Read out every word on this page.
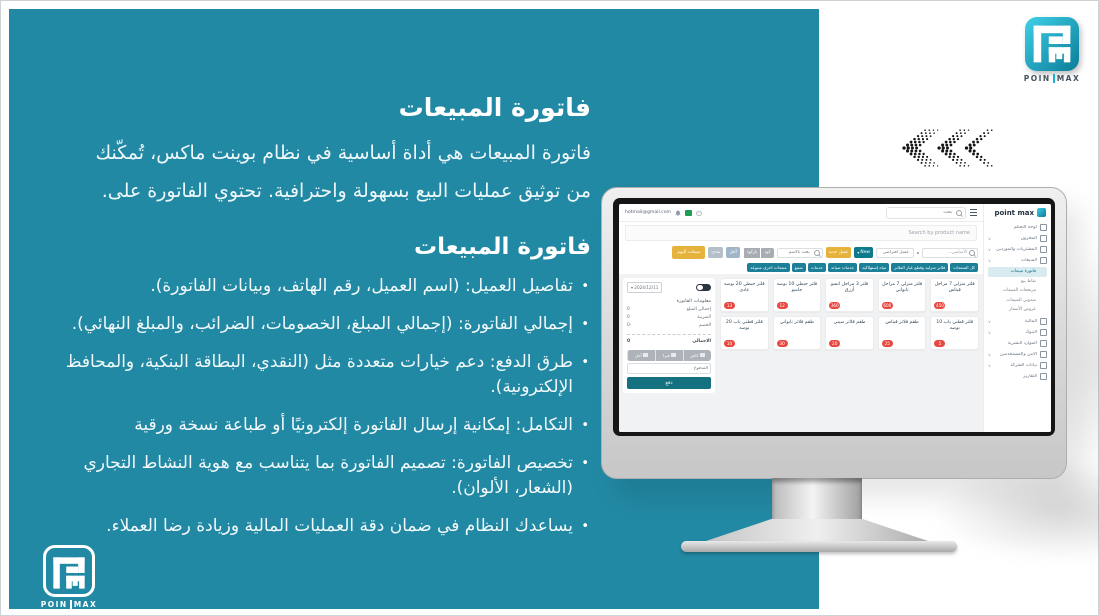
فاتورة المبيعات
فاتورة المبيعات هي أداة أساسية في نظام بوينت ماكس، تُمكّنك
من توثيق عمليات البيع بسهولة واحترافية. تحتوي الفاتورة على.
فاتورة المبيعات
• تفاصيل العميل: (اسم العميل، رقم الهاتف، وبيانات الفاتورة).
• إجمالي الفاتورة: (إجمالي المبلغ، الخصومات، الضرائب، والمبلغ النهائي).
• طرق الدفع: دعم خيارات متعددة مثل (النقدي، البطاقة البنكية، والمحافظ الإلكترونية).
• التكامل: إمكانية إرسال الفاتورة إلكترونيًا أو طباعة نسخة ورقية
• تخصيص الفاتورة: تصميم الفاتورة بما يتناسب مع هوية النشاط التجاري (الشعار، الألوان).
• يساعدك النظام في ضمان دقة العمليات المالية وزيادة رضا العملاء.
POIN MAX
POIN MAX
point max
لوحة التحكم
المخزون
∨
المشتريات والموردين
∨
المبيعات
∨
فاتورة مبيعات
نقاط بيع
مرتجعات المبيعات
مندوبي المبيعات
عروض الأسعار
المالية
∨
البنوك
∨
الموارد البشرية
الأمن والمستخدمين
∨
بيانات الشركة
∨
التقارير
بحث
hotmail@gmail.com
Search by product name
الأساسي...
عميل افتراضي
New
▾
عميل جديد
بحث بالاسم
كود
باركود
آجل
نقدي
مبيعات اليوم
كل المنتجات
فلاتر منزليه وقطع غيار الفلاتر
مياه إستهلاكيه
خدمات صيانه
خدمات
شمع
منتجات اخرى متنوعه
فلتر منزلي 7 مراحل فيتاس
450
فلتر منزلي 7 مراحل تايواني
600
فلتر 3 مراحل انسو أزرق
360
فلتر حيطي 10 بوصه جامبو
12
فلتر حيطي 20 بوصه عادي
13
فلتر قطني ياب 10 بوصه
5
طقم فلاتر فيتاس
25
طقم فلاتر صيني
20
طقم فلاتر تايواني
30
فلتر قطني ياب 20 بوصه
10
2024/12/11 ▾
معلومات الفاتورة
إجمالي المبلغ
0
الضريبة
0
الخصم
-0
الاجمالي
0
كاش
فيزا
آجل
المدفوع
دفع
